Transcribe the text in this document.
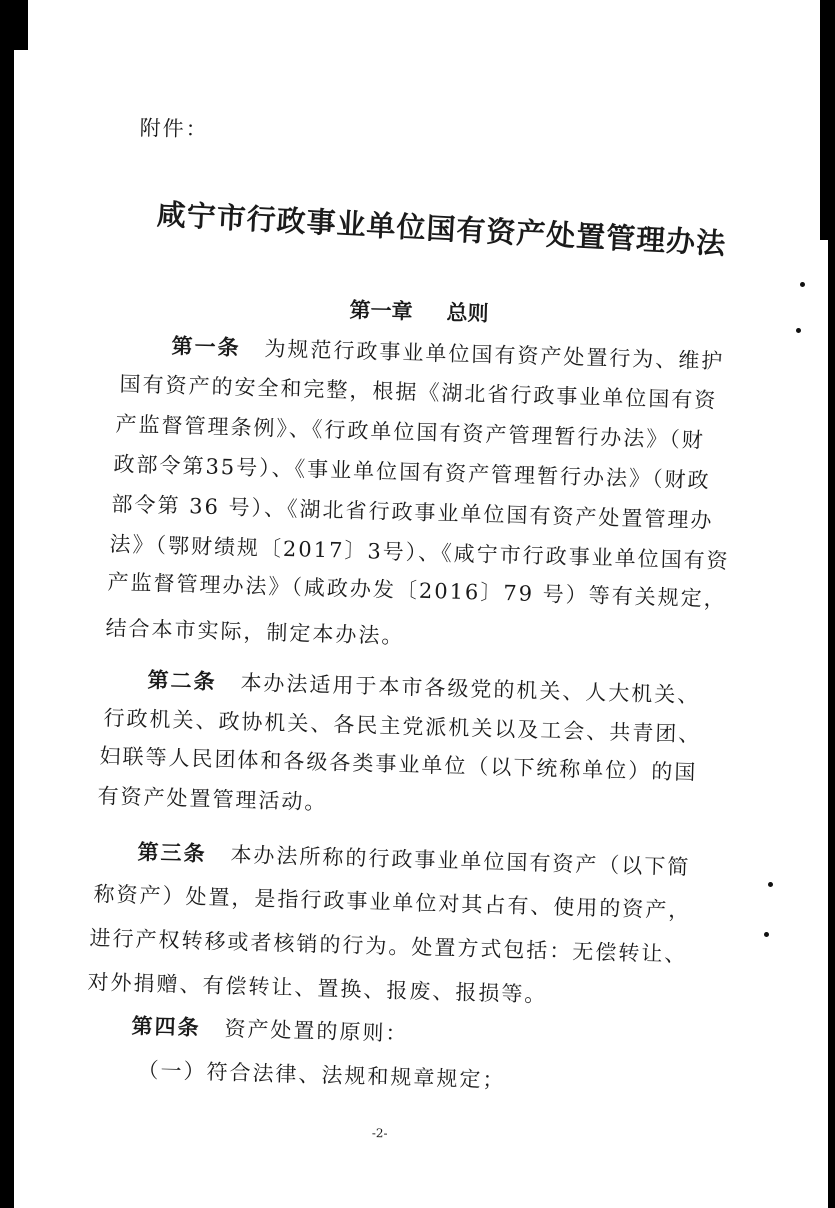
附件：
咸宁市行政事业单位国有资产处置管理办法
第一章 总则
第一条 为规范行政事业单位国有资产处置行为、维护
国有资产的安全和完整，根据《湖北省行政事业单位国有资
产监督管理条例》、《行政单位国有资产管理暂行办法》（财
政部令第35号）、《事业单位国有资产管理暂行办法》（财政
部令第 36 号）、《湖北省行政事业单位国有资产处置管理办
法》（鄂财绩规〔2017〕3号）、《咸宁市行政事业单位国有资
产监督管理办法》（咸政办发〔2016〕79 号）等有关规定，
结合本市实际，制定本办法。
第二条 本办法适用于本市各级党的机关、人大机关、
行政机关、政协机关、各民主党派机关以及工会、共青团、
妇联等人民团体和各级各类事业单位（以下统称单位）的国
有资产处置管理活动。
第三条 本办法所称的行政事业单位国有资产（以下简
称资产）处置，是指行政事业单位对其占有、使用的资产，
进行产权转移或者核销的行为。处置方式包括：无偿转让、
对外捐赠、有偿转让、置换、报废、报损等。
第四条 资产处置的原则：
（一）符合法律、法规和规章规定；
-2-
